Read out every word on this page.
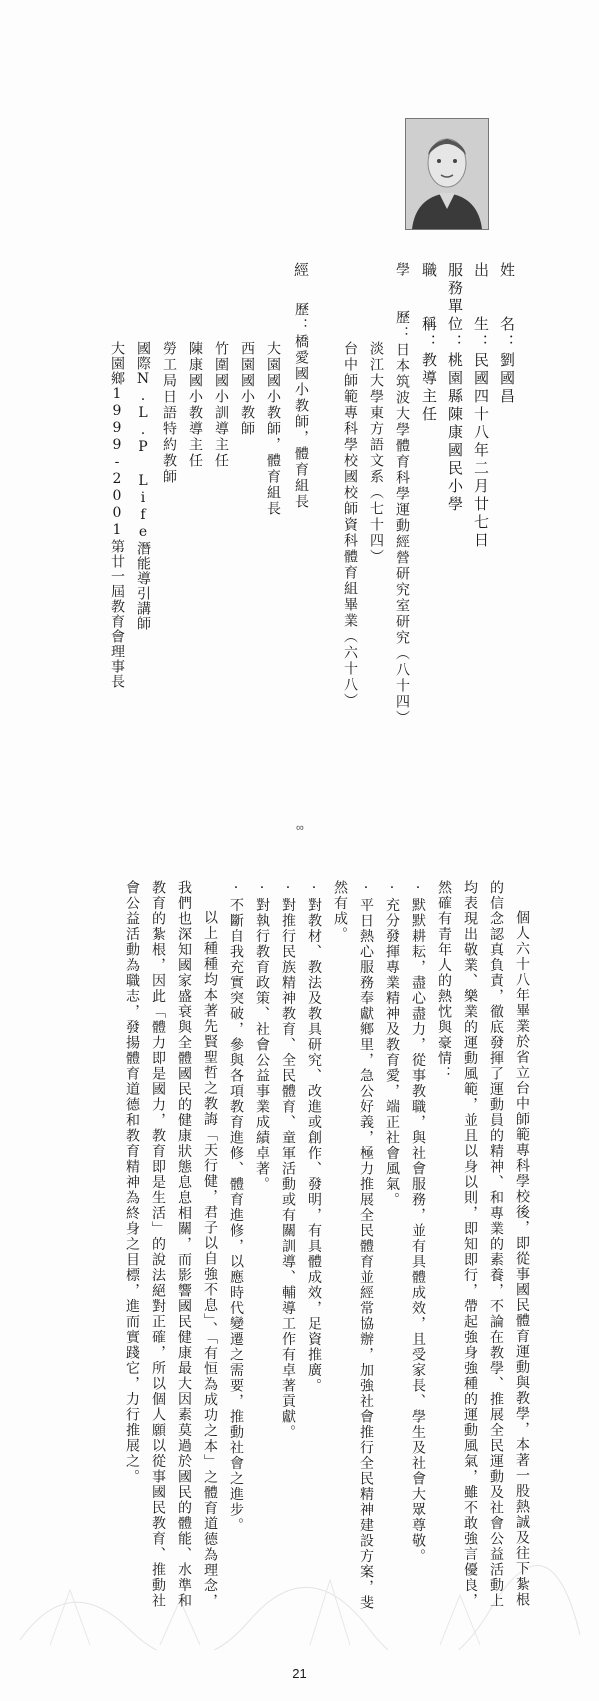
姓　　名：劉國昌
出　　生：民國四十八年二月廿七日
服務單位：桃園縣陳康國民小學
職　　稱：教導主任
學　　歷：日本筑波大學體育科學運動經營研究室研究（八十四）
淡江大學東方語文系（七十四）
台中師範專科學校國校師資科體育組畢業（六十八）
經
歷：橋愛國小教師，體育組長
大園國小教師，體育組長
西園國小教師
竹圍國小訓導主任
陳康國小教導主任
勞工局日語特約教師
國際N.L.P Life潛能導引講師
大園鄉1999-2001第廿一屆教育會理事長
∞
個人六十八年畢業於省立台中師範專科學校後，即從事國民體育運動與教學，本著一股熱誠及往下紮根
的信念認真負責，徹底發揮了運動員的精神、和專業的素養，不論在教學、推展全民運動及社會公益活動上
均表現出敬業、樂業的運動風範，並且以身以則，即知即行，帶起強身強種的運動風氣，雖不敢強言優良，
然確有青年人的熱忱與豪情：
·默默耕耘，盡心盡力，從事教職，與社會服務，並有具體成效，且受家長、學生及社會大眾尊敬。
·充分發揮專業精神及教育愛，端正社會風氣。
·平日熱心服務奉獻鄉里，急公好義，極力推展全民體育並經常協辦，加強社會推行全民精神建設方案，斐
然有成。
·對教材、教法及教具研究、改進或創作、發明，有具體成效，足資推廣。
·對推行民族精神教育、全民體育、童軍活動或有關訓導、輔導工作有卓著貢獻。
·對執行教育政策、社會公益事業成績卓著。
·不斷自我充實突破，參與各項教育進修、體育進修，以應時代變遷之需要，推動社會之進步。
以上種種均本著先賢聖哲之教誨「天行健，君子以自強不息」、「有恒為成功之本」之體育道德為理念，
我們也深知國家盛衰與全體國民的健康狀態息息相關，而影響國民健康最大因素莫過於國民的體能、水準和
教育的紮根，因此「體力即是國力，教育即是生活」的說法絕對正確，所以個人願以從事國民教育、推動社
會公益活動為職志，發揚體育道德和教育精神為終身之目標，進而實踐它，力行推展之。
21
